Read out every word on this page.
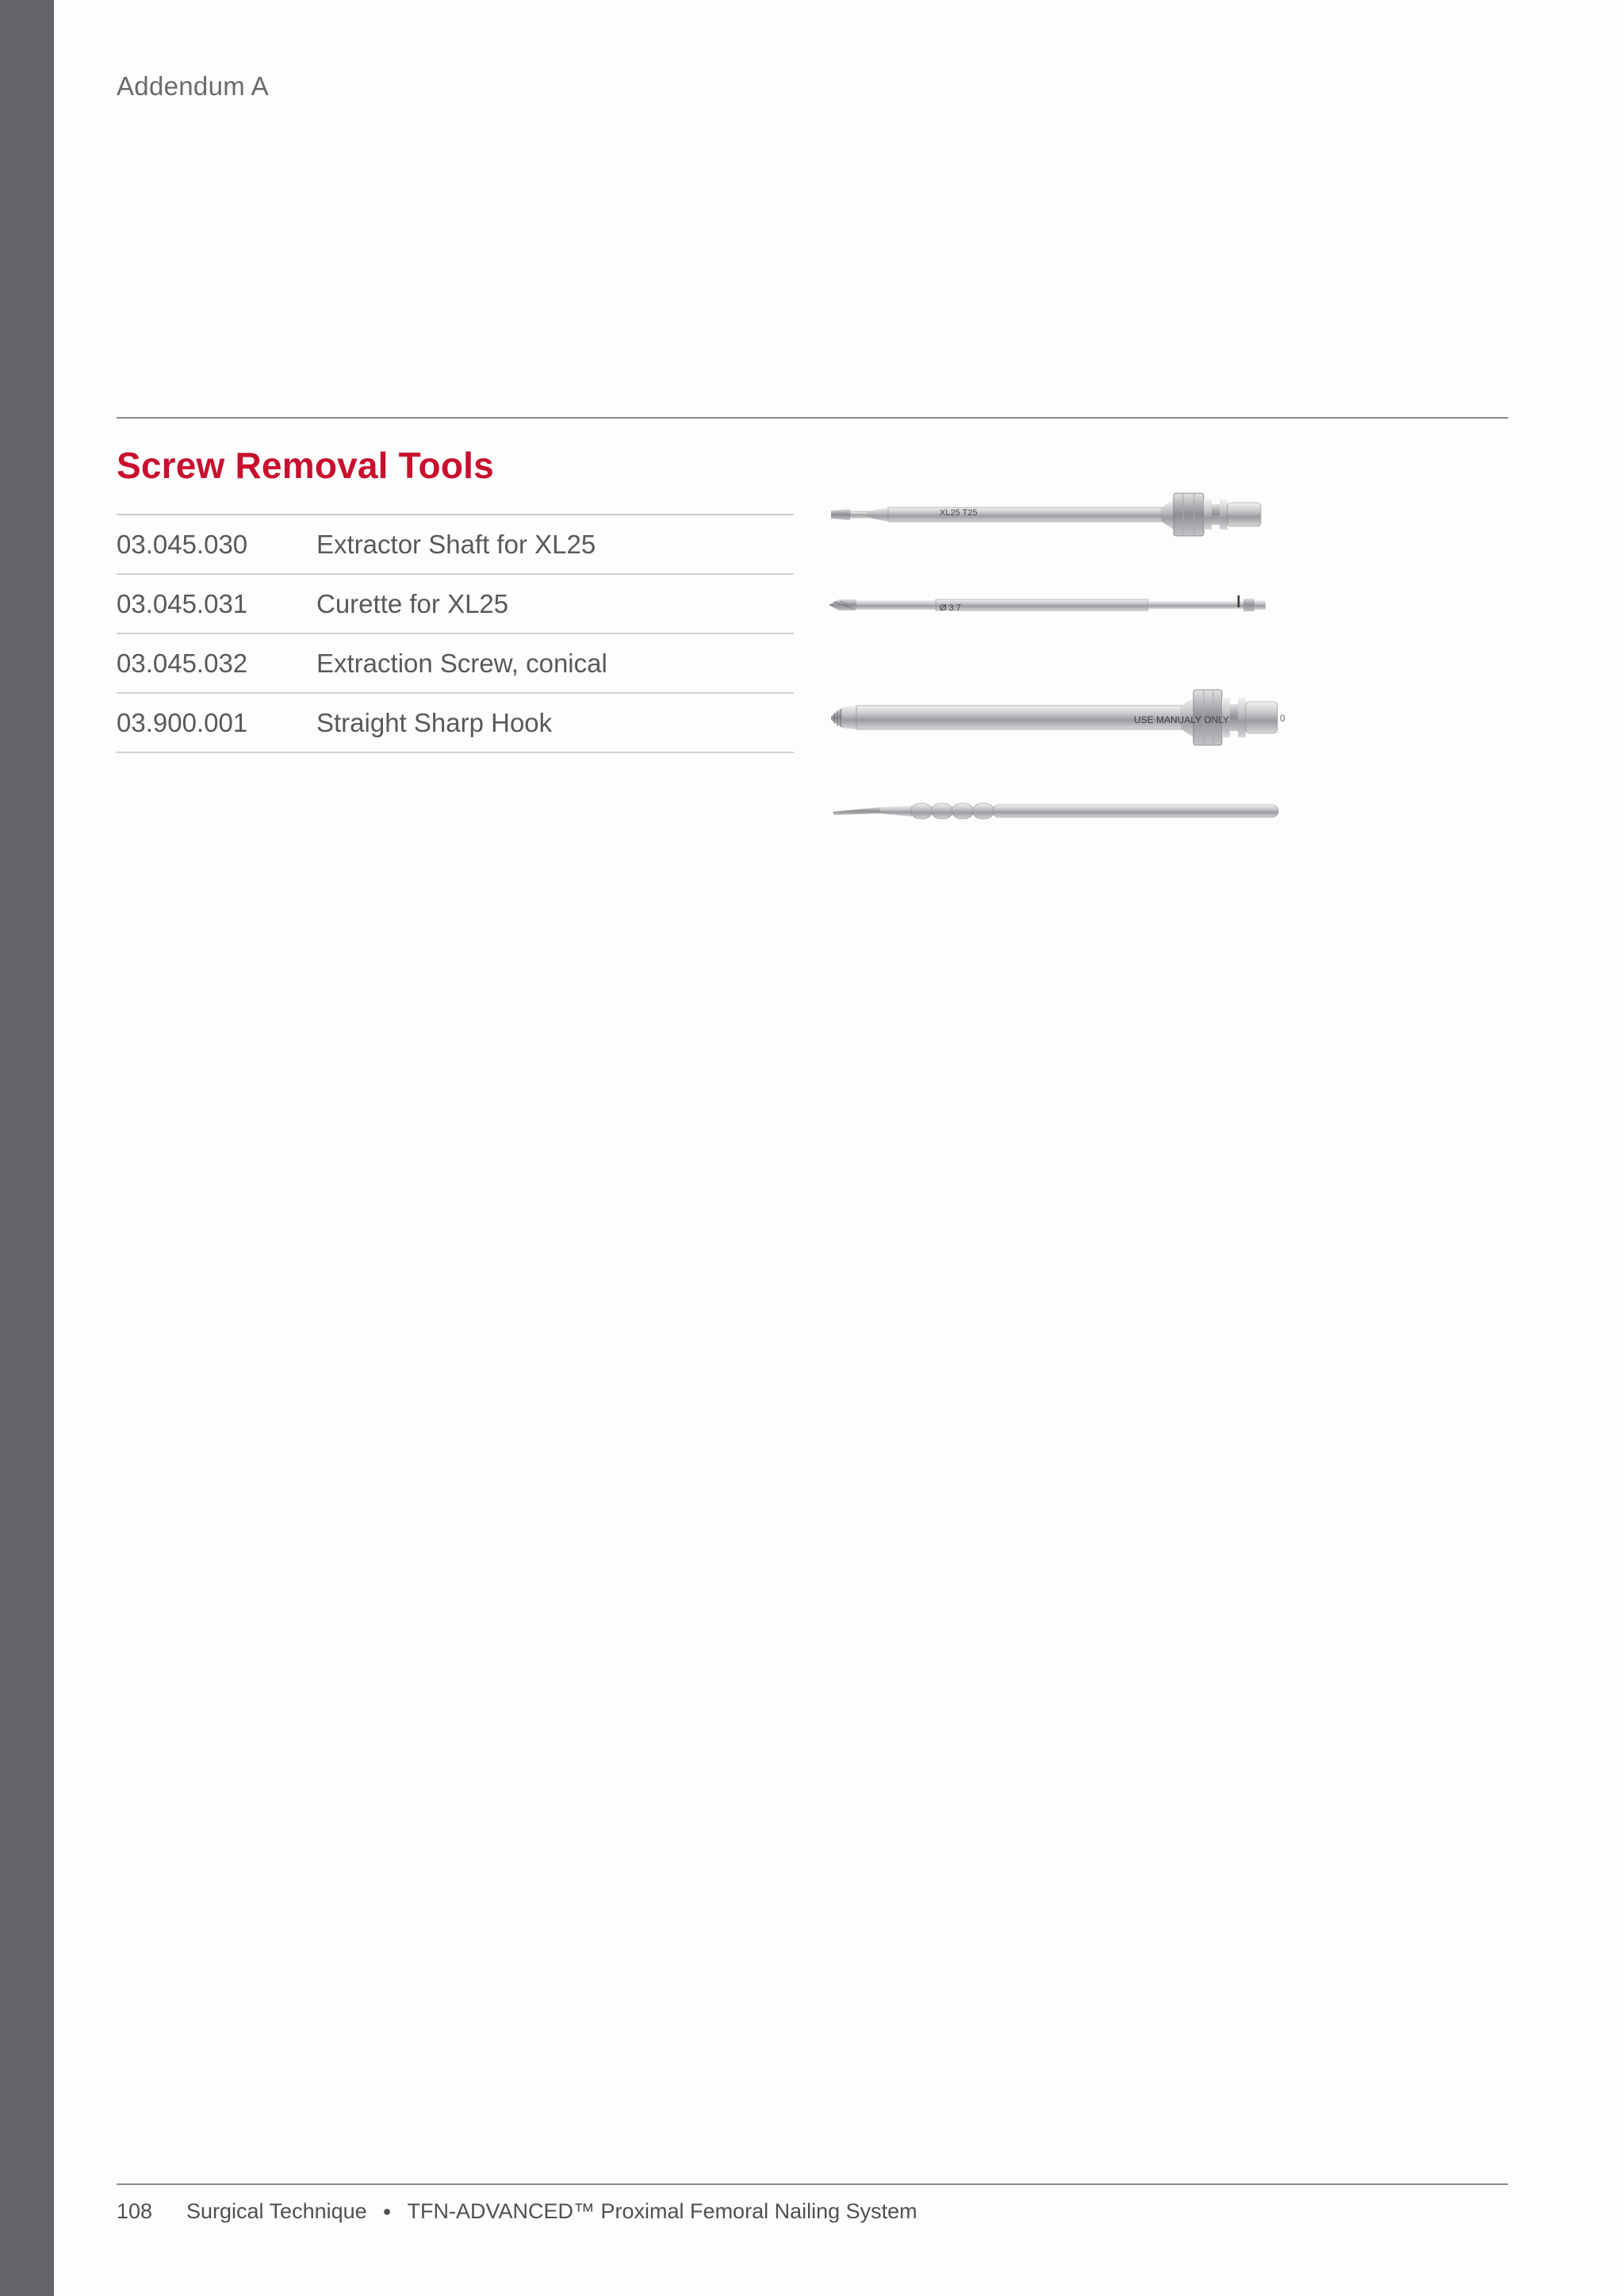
Addendum A
Screw Removal Tools
03.045.030	Extractor Shaft for XL25
03.045.031	Curette for XL25
03.045.032	Extraction Screw, conical
03.900.001	Straight Sharp Hook
XL25 T25
Ø 3.7
USE MANUALY ONLY	0
108	Surgical Technique ● TFN-ADVANCED™ Proximal Femoral Nailing System
